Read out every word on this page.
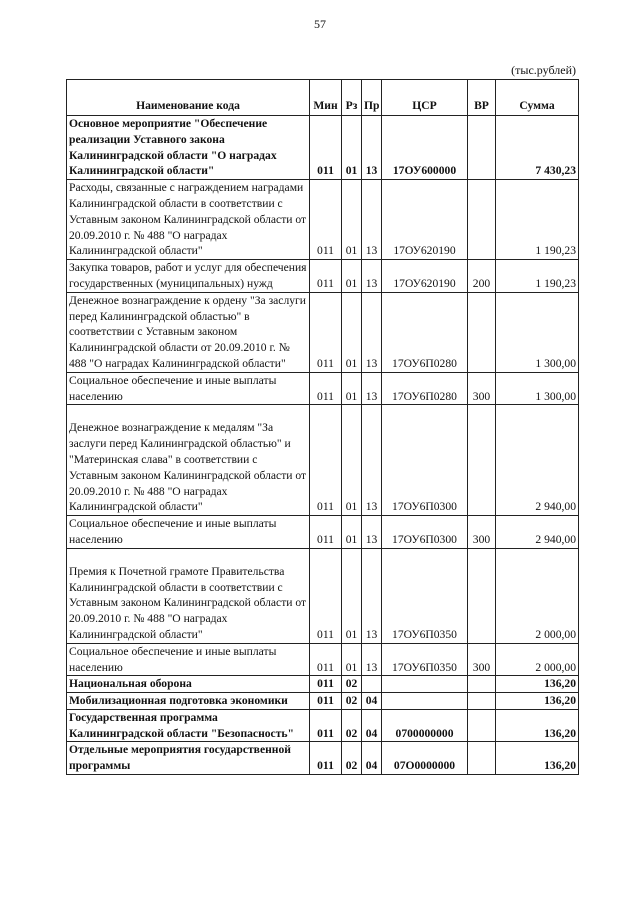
57
(тыс.рублей)
Наименование кода	Мин	Рз	Пр	ЦСР	ВР	Сумма
Основное мероприятие "Обеспечение реализации Уставного закона Калининградской области "О наградах Калининградской области"	011	01	13	17ОУ600000		7 430,23
Расходы, связанные с награждением наградами Калининградской области в соответствии с Уставным законом Калининградской области от 20.09.2010 г. № 488 "О наградах Калининградской области"	011	01	13	17ОУ620190		1 190,23
Закупка товаров, работ и услуг для обеспечения государственных (муниципальных) нужд	011	01	13	17ОУ620190	200	1 190,23
Денежное вознаграждение к ордену "За заслуги перед Калининградской областью" в соответствии с Уставным законом Калининградской области от 20.09.2010 г. № 488 "О наградах Калининградской области"	011	01	13	17ОУ6П0280		1 300,00
Социальное обеспечение и иные выплаты населению	011	01	13	17ОУ6П0280	300	1 300,00
Денежное вознаграждение к медалям "За заслуги перед Калининградской областью" и "Материнская слава" в соответствии с Уставным законом Калининградской области от 20.09.2010 г. № 488 "О наградах Калининградской области"	011	01	13	17ОУ6П0300		2 940,00
Социальное обеспечение и иные выплаты населению	011	01	13	17ОУ6П0300	300	2 940,00
Премия к Почетной грамоте Правительства Калининградской области в соответствии с Уставным законом Калининградской области от 20.09.2010 г. № 488 "О наградах Калининградской области"	011	01	13	17ОУ6П0350		2 000,00
Социальное обеспечение и иные выплаты населению	011	01	13	17ОУ6П0350	300	2 000,00
Национальная оборона	011	02				136,20
Мобилизационная подготовка экономики	011	02	04			136,20
Государственная программа Калининградской области "Безопасность"	011	02	04	0700000000		136,20
Отдельные мероприятия государственной программы	011	02	04	07О0000000		136,20
